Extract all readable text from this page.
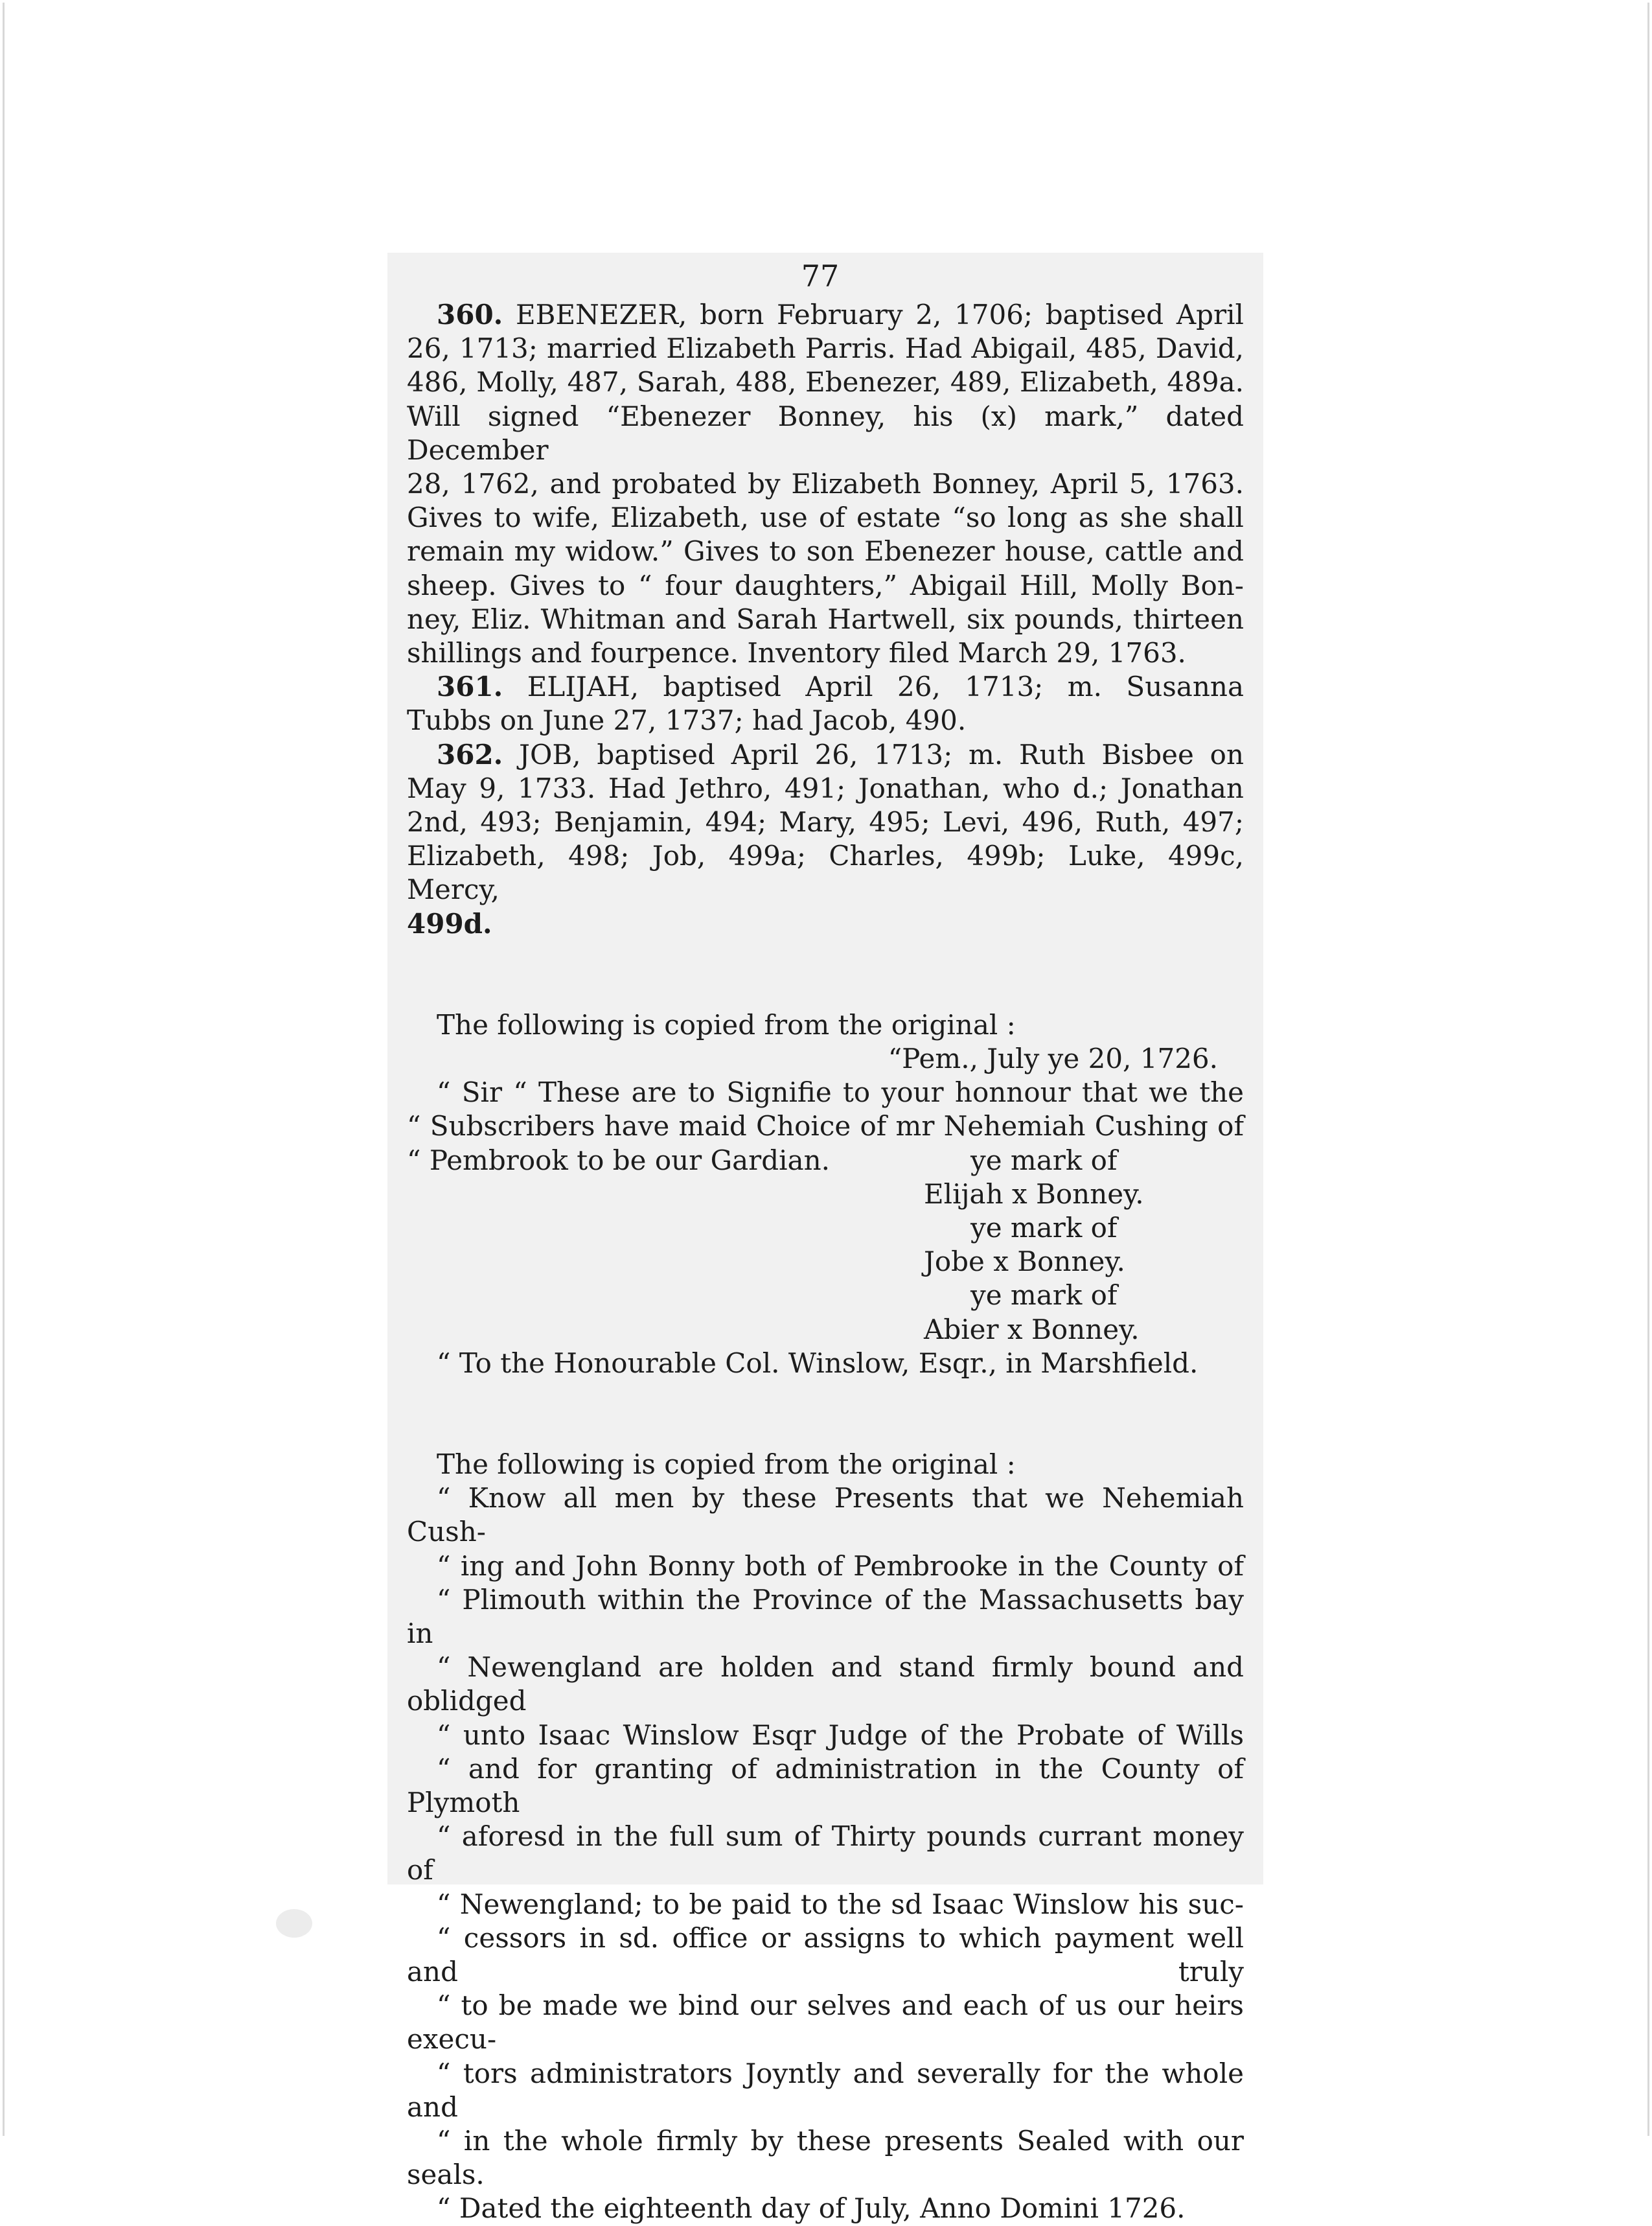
77
360. EBENEZER, born February 2, 1706; baptised April
26, 1713; married Elizabeth Parris. Had Abigail, 485, David,
486, Molly, 487, Sarah, 488, Ebenezer, 489, Elizabeth, 489a.
Will signed “Ebenezer Bonney, his (x) mark,” dated December
28, 1762, and probated by Elizabeth Bonney, April 5, 1763.
Gives to wife, Elizabeth, use of estate “so long as she shall
remain my widow.” Gives to son Ebenezer house, cattle and
sheep. Gives to “ four daughters,” Abigail Hill, Molly Bon-
ney, Eliz. Whitman and Sarah Hartwell, six pounds, thirteen
shillings and fourpence. Inventory filed March 29, 1763.
361. ELIJAH, baptised April 26, 1713; m. Susanna
Tubbs on June 27, 1737; had Jacob, 490.
362. JOB, baptised April 26, 1713; m. Ruth Bisbee on
May 9, 1733. Had Jethro, 491; Jonathan, who d.; Jonathan
2nd, 493; Benjamin, 494; Mary, 495; Levi, 496, Ruth, 497;
Elizabeth, 498; Job, 499a; Charles, 499b; Luke, 499c, Mercy,
499d.
The following is copied from the original :
“Pem., July ye 20, 1726.
“ Sir “ These are to Signifie to your honnour that we the
“ Subscribers have maid Choice of mr Nehemiah Cushing of
“ Pembrook to be our Gardian.	ye mark of
Elijah x Bonney.
ye mark of
Jobe x Bonney.
ye mark of
Abier x Bonney.
“ To the Honourable Col. Winslow, Esqr., in Marshfield.
The following is copied from the original :
“ Know all men by these Presents that we Nehemiah Cush-
“ ing and John Bonny both of Pembrooke in the County of
“ Plimouth within the Province of the Massachusetts bay in
“ Newengland are holden and stand firmly bound and oblidged
“ unto Isaac Winslow Esqr Judge of the Probate of Wills
“ and for granting of administration in the County of Plymoth
“ aforesd in the full sum of Thirty pounds currant money of
“ Newengland; to be paid to the sd Isaac Winslow his suc-
“ cessors in sd. office or assigns to which payment well and truly
“ to be made we bind our selves and each of us our heirs execu-
“ tors administrators Joyntly and severally for the whole and
“ in the whole firmly by these presents Sealed with our seals.
“ Dated the eighteenth day of July, Anno Domini 1726.
